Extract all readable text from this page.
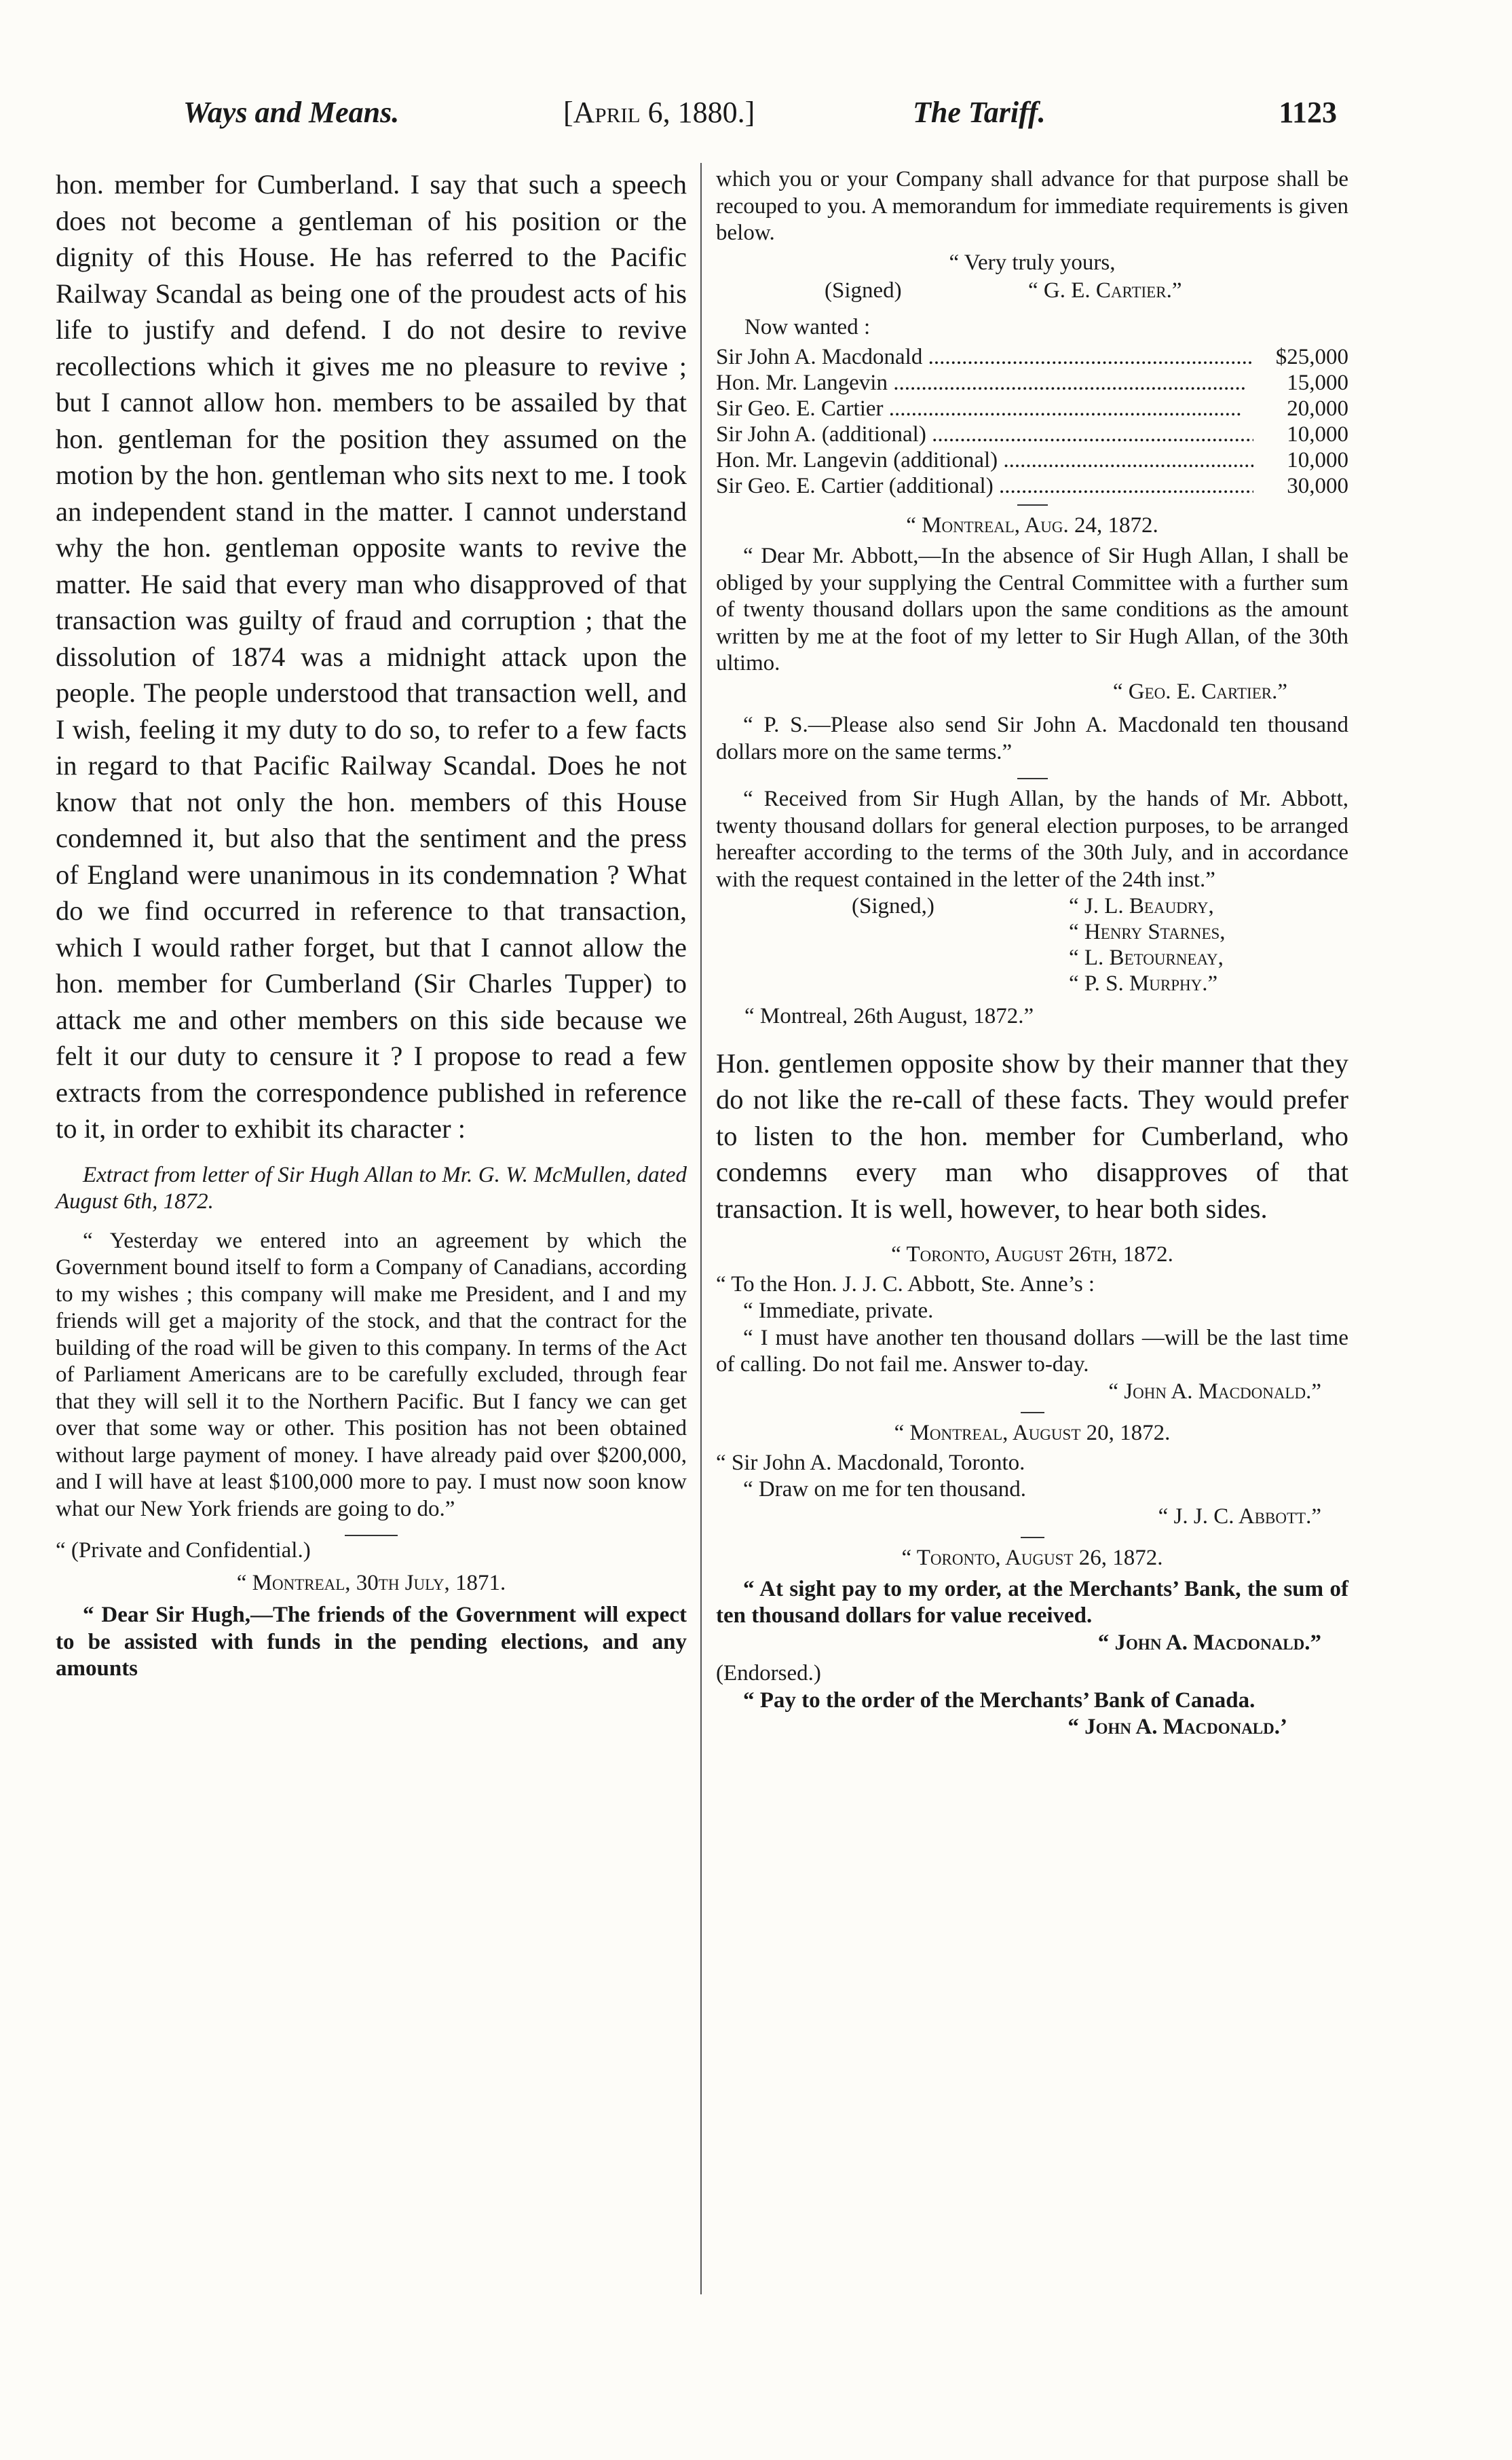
Ways and Means.	[April 6, 1880.]	The Tariff.	1123

hon. member for Cumberland. I say that such a speech does not become a gentleman of his position or the dignity of this House. He has referred to the Pacific Railway Scandal as being one of the proudest acts of his life to justify and defend. I do not desire to revive recollections which it gives me no pleasure to revive ; but I cannot allow hon. members to be assailed by that hon. gentleman for the position they assumed on the motion by the hon. gentleman who sits next to me. I took an independent stand in the matter. I cannot understand why the hon. gentleman opposite wants to revive the matter. He said that every man who disapproved of that transaction was guilty of fraud and corruption ; that the dissolution of 1874 was a midnight attack upon the people. The people understood that transaction well, and I wish, feeling it my duty to do so, to refer to a few facts in regard to that Pacific Railway Scandal. Does he not know that not only the hon. members of this House condemned it, but also that the sentiment and the press of England were unanimous in its condemnation ? What do we find occurred in reference to that transaction, which I would rather forget, but that I cannot allow the hon. member for Cumberland (Sir Charles Tupper) to attack me and other members on this side because we felt it our duty to censure it ? I propose to read a few extracts from the correspondence published in reference to it, in order to exhibit its character :

Extract from letter of Sir Hugh Allan to Mr. G. W. McMullen, dated August 6th, 1872.

“ Yesterday we entered into an agreement by which the Government bound itself to form a Company of Canadians, according to my wishes ; this company will make me President, and I and my friends will get a majority of the stock, and that the contract for the building of the road will be given to this company. In terms of the Act of Parliament Americans are to be carefully excluded, through fear that they will sell it to the Northern Pacific. But I fancy we can get over that some way or other. This position has not been obtained without large payment of money. I have already paid over $200,000, and I will have at least $100,000 more to pay. I must now soon know what our New York friends are going to do.”

“ (Private and Confidential.)

“ Montreal, 30th July, 1871.

“ Dear Sir Hugh,—The friends of the Government will expect to be assisted with funds in the pending elections, and any amounts

which you or your Company shall advance for that purpose shall be recouped to you. A memorandum for immediate requirements is given below.

“ Very truly yours,

(Signed)	“ G. E. Cartier.”

Now wanted :

Sir John A. Macdonald .....	$25,000
Hon. Mr. Langevin .....	15,000
Sir Geo. E. Cartier .....	20,000
Sir John A. (additional) .....	10,000
Hon. Mr. Langevin (additional) .....	10,000
Sir Geo. E. Cartier (additional) .....	30,000

“ Montreal, Aug. 24, 1872.

“ Dear Mr. Abbott,—In the absence of Sir Hugh Allan, I shall be obliged by your supplying the Central Committee with a further sum of twenty thousand dollars upon the same conditions as the amount written by me at the foot of my letter to Sir Hugh Allan, of the 30th ultimo.

“ Geo. E. Cartier.”

“ P. S.—Please also send Sir John A. Macdonald ten thousand dollars more on the same terms.”

“ Received from Sir Hugh Allan, by the hands of Mr. Abbott, twenty thousand dollars for general election purposes, to be arranged hereafter according to the terms of the 30th July, and in accordance with the request contained in the letter of the 24th inst.”

(Signed,)	“ J. L. Beaudry,
“ Henry Starnes,
“ L. Betourneay,
“ P. S. Murphy.”

“ Montreal, 26th August, 1872.”

Hon. gentlemen opposite show by their manner that they do not like the re-call of these facts. They would prefer to listen to the hon. member for Cumberland, who condemns every man who disapproves of that transaction. It is well, however, to hear both sides.

“ Toronto, August 26th, 1872.

“ To the Hon. J. J. C. Abbott, Ste. Anne’s :

“ Immediate, private.

“ I must have another ten thousand dollars —will be the last time of calling. Do not fail me. Answer to-day.

“ John A. Macdonald.”

“ Montreal, August 20, 1872.

“ Sir John A. Macdonald, Toronto.

“ Draw on me for ten thousand.

“ J. J. C. Abbott.”

“ Toronto, August 26, 1872.

“ At sight pay to my order, at the Merchants’ Bank, the sum of ten thousand dollars for value received.

“ John A. Macdonald.”

(Endorsed.)

“ Pay to the order of the Merchants’ Bank of Canada.

“ John A. Macdonald.’
